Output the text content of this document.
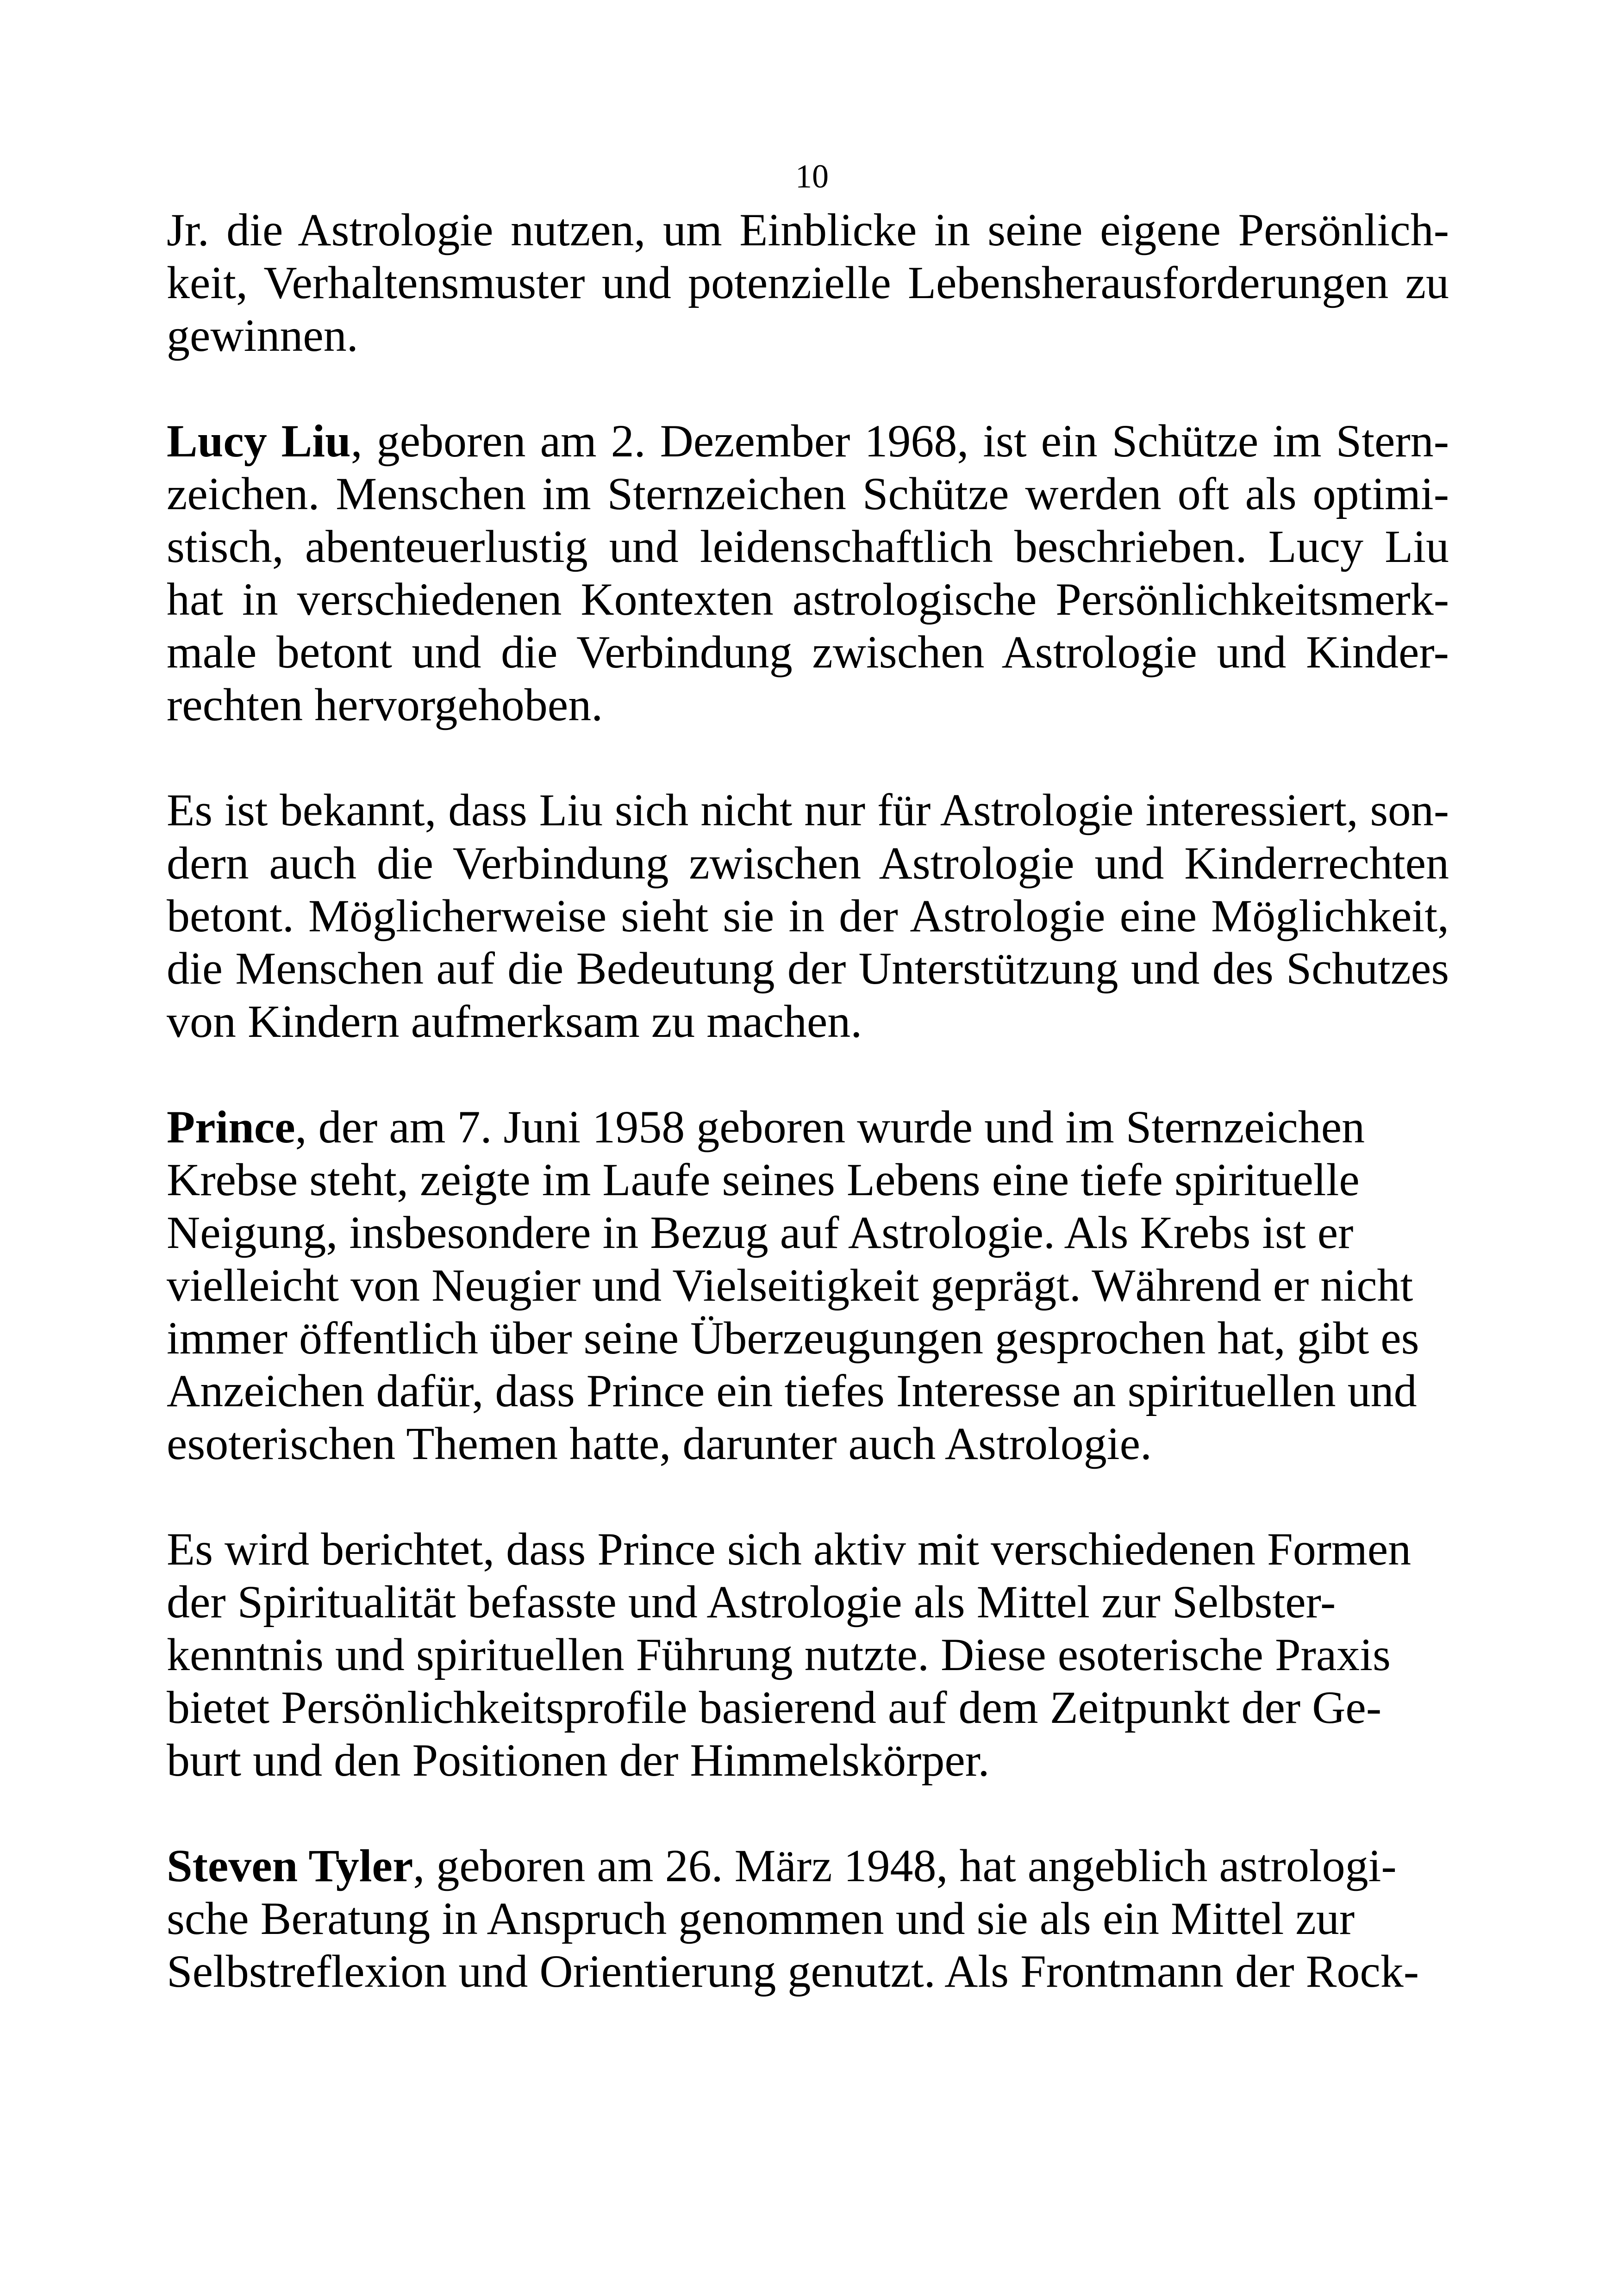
10

Jr. die Astrologie nutzen, um Einblicke in seine eigene Persönlich-
keit, Verhaltensmuster und potenzielle Lebensherausforderungen zu
gewinnen.

Lucy Liu, geboren am 2. Dezember 1968, ist ein Schütze im Stern-
zeichen. Menschen im Sternzeichen Schütze werden oft als optimi-
stisch, abenteuerlustig und leidenschaftlich beschrieben. Lucy Liu
hat in verschiedenen Kontexten astrologische Persönlichkeitsmerk-
male betont und die Verbindung zwischen Astrologie und Kinder-
rechten hervorgehoben.

Es ist bekannt, dass Liu sich nicht nur für Astrologie interessiert, son-
dern auch die Verbindung zwischen Astrologie und Kinderrechten
betont. Möglicherweise sieht sie in der Astrologie eine Möglichkeit,
die Menschen auf die Bedeutung der Unterstützung und des Schutzes
von Kindern aufmerksam zu machen.

Prince, der am 7. Juni 1958 geboren wurde und im Sternzeichen
Krebse steht, zeigte im Laufe seines Lebens eine tiefe spirituelle
Neigung, insbesondere in Bezug auf Astrologie. Als Krebs ist er
vielleicht von Neugier und Vielseitigkeit geprägt. Während er nicht
immer öffentlich über seine Überzeugungen gesprochen hat, gibt es
Anzeichen dafür, dass Prince ein tiefes Interesse an spirituellen und
esoterischen Themen hatte, darunter auch Astrologie.

Es wird berichtet, dass Prince sich aktiv mit verschiedenen Formen
der Spiritualität befasste und Astrologie als Mittel zur Selbster-
kenntnis und spirituellen Führung nutzte. Diese esoterische Praxis
bietet Persönlichkeitsprofile basierend auf dem Zeitpunkt der Ge-
burt und den Positionen der Himmelskörper.

Steven Tyler, geboren am 26. März 1948, hat angeblich astrologi-
sche Beratung in Anspruch genommen und sie als ein Mittel zur
Selbstreflexion und Orientierung genutzt. Als Frontmann der Rock-
